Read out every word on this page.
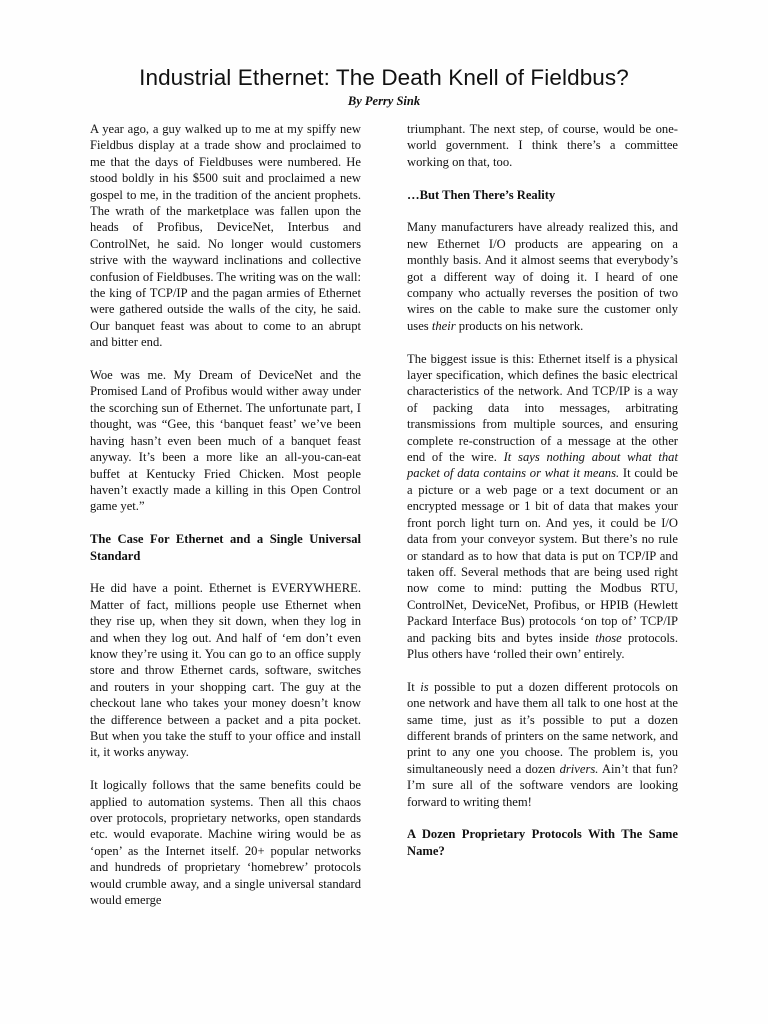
Industrial Ethernet: The Death Knell of Fieldbus?
By Perry Sink

A year ago, a guy walked up to me at my spiffy new Fieldbus display at a trade show and proclaimed to me that the days of Fieldbuses were numbered. He stood boldly in his $500 suit and proclaimed a new gospel to me, in the tradition of the ancient prophets. The wrath of the marketplace was fallen upon the heads of Profibus, DeviceNet, Interbus and ControlNet, he said. No longer would customers strive with the wayward inclinations and collective confusion of Fieldbuses. The writing was on the wall: the king of TCP/IP and the pagan armies of Ethernet were gathered outside the walls of the city, he said. Our banquet feast was about to come to an abrupt and bitter end.

Woe was me. My Dream of DeviceNet and the Promised Land of Profibus would wither away under the scorching sun of Ethernet. The unfortunate part, I thought, was “Gee, this ‘banquet feast’ we’ve been having hasn’t even been much of a banquet feast anyway. It’s been a more like an all-you-can-eat buffet at Kentucky Fried Chicken. Most people haven’t exactly made a killing in this Open Control game yet.”

The Case For Ethernet and a Single Universal Standard

He did have a point. Ethernet is EVERYWHERE. Matter of fact, millions people use Ethernet when they rise up, when they sit down, when they log in and when they log out. And half of ‘em don’t even know they’re using it. You can go to an office supply store and throw Ethernet cards, software, switches and routers in your shopping cart. The guy at the checkout lane who takes your money doesn’t know the difference between a packet and a pita pocket. But when you take the stuff to your office and install it, it works anyway.

It logically follows that the same benefits could be applied to automation systems. Then all this chaos over protocols, proprietary networks, open standards etc. would evaporate. Machine wiring would be as ‘open’ as the Internet itself. 20+ popular networks and hundreds of proprietary ‘homebrew’ protocols would crumble away, and a single universal standard would emerge

triumphant. The next step, of course, would be one-world government. I think there’s a committee working on that, too.

…But Then There’s Reality

Many manufacturers have already realized this, and new Ethernet I/O products are appearing on a monthly basis. And it almost seems that everybody’s got a different way of doing it. I heard of one company who actually reverses the position of two wires on the cable to make sure the customer only uses their products on his network.

The biggest issue is this: Ethernet itself is a physical layer specification, which defines the basic electrical characteristics of the network. And TCP/IP is a way of packing data into messages, arbitrating transmissions from multiple sources, and ensuring complete re-construction of a message at the other end of the wire. It says nothing about what that packet of data contains or what it means. It could be a picture or a web page or a text document or an encrypted message or 1 bit of data that makes your front porch light turn on. And yes, it could be I/O data from your conveyor system. But there’s no rule or standard as to how that data is put on TCP/IP and taken off. Several methods that are being used right now come to mind: putting the Modbus RTU, ControlNet, DeviceNet, Profibus, or HPIB (Hewlett Packard Interface Bus) protocols ‘on top of’ TCP/IP and packing bits and bytes inside those protocols. Plus others have ‘rolled their own’ entirely.

It is possible to put a dozen different protocols on one network and have them all talk to one host at the same time, just as it’s possible to put a dozen different brands of printers on the same network, and print to any one you choose. The problem is, you simultaneously need a dozen drivers. Ain’t that fun? I’m sure all of the software vendors are looking forward to writing them!

A Dozen Proprietary Protocols With The Same Name?
